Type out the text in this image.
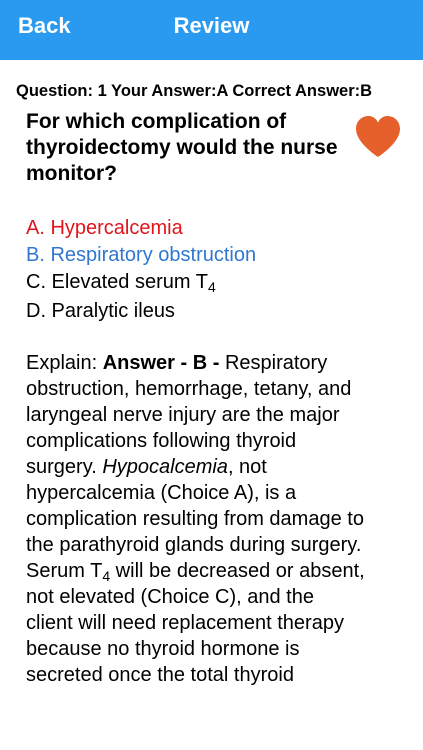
Back	Review
Question: 1 Your Answer:A Correct Answer:B
For which complication of thyroidectomy would the nurse monitor?
A. Hypercalcemia
B. Respiratory obstruction
C. Elevated serum $T_4$
D. Paralytic ileus
Explain: Answer - B - Respiratory obstruction, hemorrhage, tetany, and laryngeal nerve injury are the major complications following thyroid surgery. Hypocalcemia, not hypercalcemia (Choice A), is a complication resulting from damage to the parathyroid glands during surgery. Serum $T_4$ will be decreased or absent, not elevated (Choice C), and the client will need replacement therapy because no thyroid hormone is secreted once the total thyroid
